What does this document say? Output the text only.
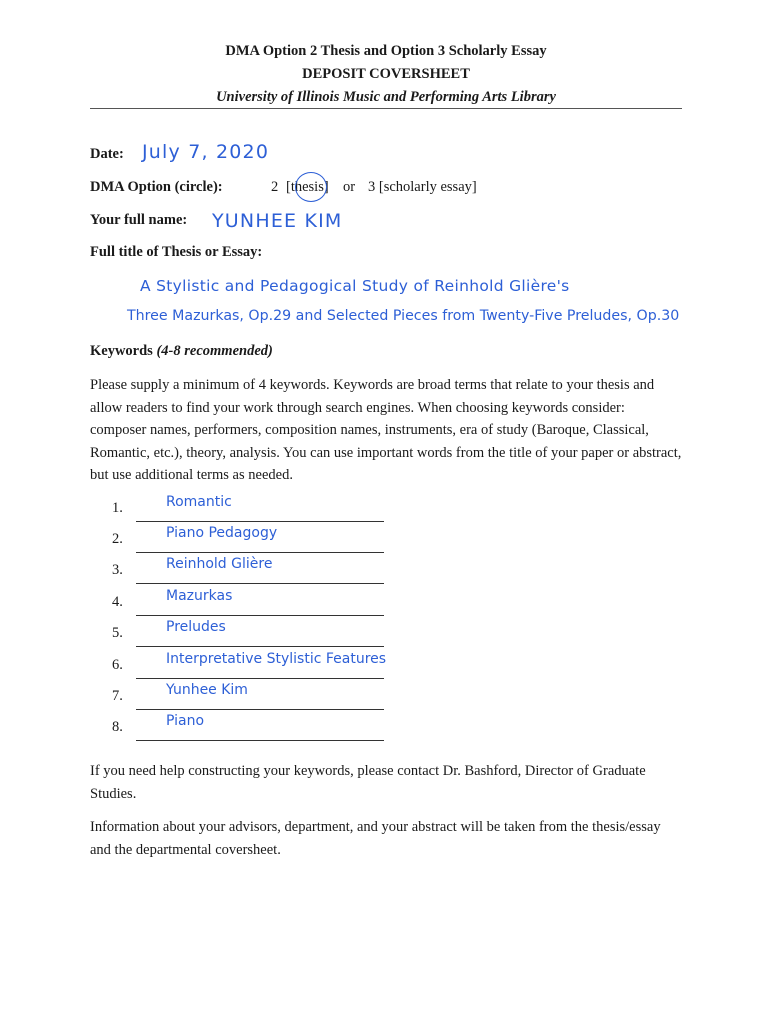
DMA Option 2 Thesis and Option 3 Scholarly Essay
DEPOSIT COVERSHEET
University of Illinois Music and Performing Arts Library
Date: July 7, 2020
DMA Option (circle):	2 [thesis] or 3 [scholarly essay]
Your full name: YUNHEE KIM
Full title of Thesis or Essay:
A Stylistic and Pedagogical Study of Reinhold Glière's
Three Mazurkas, Op.29 and Selected Pieces from Twenty-Five Preludes, Op.30
Keywords (4-8 recommended)
Please supply a minimum of 4 keywords. Keywords are broad terms that relate to your thesis and allow readers to find your work through search engines. When choosing keywords consider: composer names, performers, composition names, instruments, era of study (Baroque, Classical, Romantic, etc.), theory, analysis. You can use important words from the title of your paper or abstract, but use additional terms as needed.
1.	Romantic
2.	Piano Pedagogy
3.	Reinhold Glière
4.	Mazurkas
5.	Preludes
6.	Interpretative Stylistic Features
7.	Yunhee Kim
8.	Piano
If you need help constructing your keywords, please contact Dr. Bashford, Director of Graduate Studies.
Information about your advisors, department, and your abstract will be taken from the thesis/essay and the departmental coversheet.
